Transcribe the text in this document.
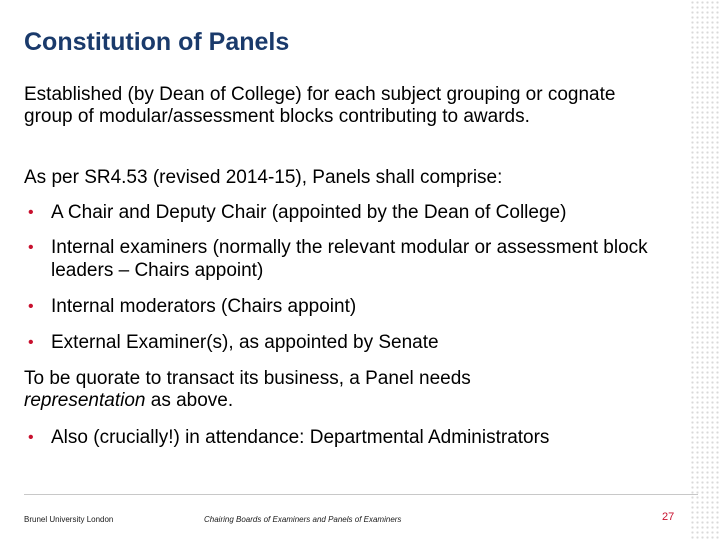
Constitution of Panels

Established (by Dean of College) for each subject grouping or cognate group of modular/assessment blocks contributing to awards.

As per SR4.53 (revised 2014-15), Panels shall comprise:

• A Chair and Deputy Chair (appointed by the Dean of College)
• Internal examiners (normally the relevant modular or assessment block leaders – Chairs appoint)
• Internal moderators (Chairs appoint)
• External Examiner(s), as appointed by Senate

To be quorate to transact its business, a Panel needs
representation as above.

• Also (crucially!) in attendance: Departmental Administrators
Brunel University London	Chairing Boards of Examiners and Panels of Examiners	27
